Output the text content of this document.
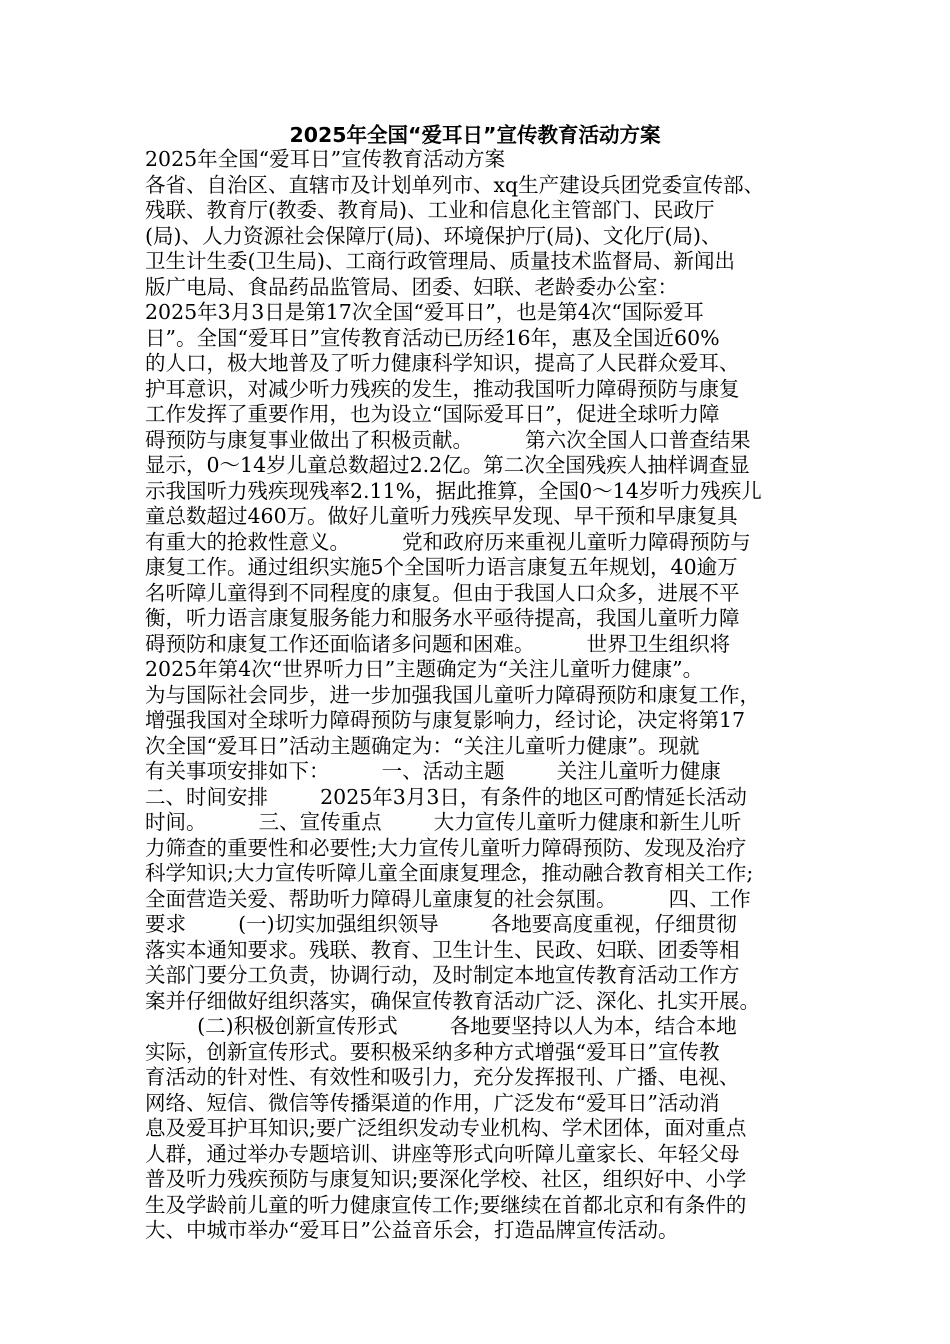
2025年全国“爱耳日”宣传教育活动方案
2025年全国“爱耳日”宣传教育活动方案
各省、自治区、直辖市及计划单列市、xq生产建设兵团党委宣传部、
残联、教育厅(教委、教育局)、工业和信息化主管部门、民政厅
(局)、人力资源社会保障厅(局)、环境保护厅(局)、文化厅(局)、
卫生计生委(卫生局)、工商行政管理局、质量技术监督局、新闻出
版广电局、食品药品监管局、团委、妇联、老龄委办公室：
2025年3月3日是第17次全国“爱耳日”，也是第4次“国际爱耳
日”。全国“爱耳日”宣传教育活动已历经16年，惠及全国近60%
的人口，极大地普及了听力健康科学知识，提高了人民群众爱耳、
护耳意识，对减少听力残疾的发生，推动我国听力障碍预防与康复
工作发挥了重要作用，也为设立“国际爱耳日”，促进全球听力障
碍预防与康复事业做出了积极贡献。        第六次全国人口普查结果
显示，0～14岁儿童总数超过2.2亿。第二次全国残疾人抽样调查显
示我国听力残疾现残率2.11%，据此推算，全国0～14岁听力残疾儿
童总数超过460万。做好儿童听力残疾早发现、早干预和早康复具
有重大的抢救性意义。        党和政府历来重视儿童听力障碍预防与
康复工作。通过组织实施5个全国听力语言康复五年规划，40逾万
名听障儿童得到不同程度的康复。但由于我国人口众多，进展不平
衡，听力语言康复服务能力和服务水平亟待提高，我国儿童听力障
碍预防和康复工作还面临诸多问题和困难。        世界卫生组织将
2025年第4次“世界听力日”主题确定为“关注儿童听力健康”。
为与国际社会同步，进一步加强我国儿童听力障碍预防和康复工作，
增强我国对全球听力障碍预防与康复影响力，经讨论，决定将第17
次全国“爱耳日”活动主题确定为：“关注儿童听力健康”。现就
有关事项安排如下：        一、活动主题        关注儿童听力健康
二、时间安排        2025年3月3日，有条件的地区可酌情延长活动
时间。        三、宣传重点        大力宣传儿童听力健康和新生儿听
力筛查的重要性和必要性;大力宣传儿童听力障碍预防、发现及治疗
科学知识;大力宣传听障儿童全面康复理念，推动融合教育相关工作;
全面营造关爱、帮助听力障碍儿童康复的社会氛围。        四、工作
要求        (一)切实加强组织领导        各地要高度重视，仔细贯彻
落实本通知要求。残联、教育、卫生计生、民政、妇联、团委等相
关部门要分工负责，协调行动，及时制定本地宣传教育活动工作方
案并仔细做好组织落实，确保宣传教育活动广泛、深化、扎实开展。
(二)积极创新宣传形式        各地要坚持以人为本，结合本地
实际，创新宣传形式。要积极采纳多种方式增强“爱耳日”宣传教
育活动的针对性、有效性和吸引力，充分发挥报刊、广播、电视、
网络、短信、微信等传播渠道的作用，广泛发布“爱耳日”活动消
息及爱耳护耳知识;要广泛组织发动专业机构、学术团体，面对重点
人群，通过举办专题培训、讲座等形式向听障儿童家长、年轻父母
普及听力残疾预防与康复知识;要深化学校、社区，组织好中、小学
生及学龄前儿童的听力健康宣传工作;要继续在首都北京和有条件的
大、中城市举办“爱耳日”公益音乐会，打造品牌宣传活动。
